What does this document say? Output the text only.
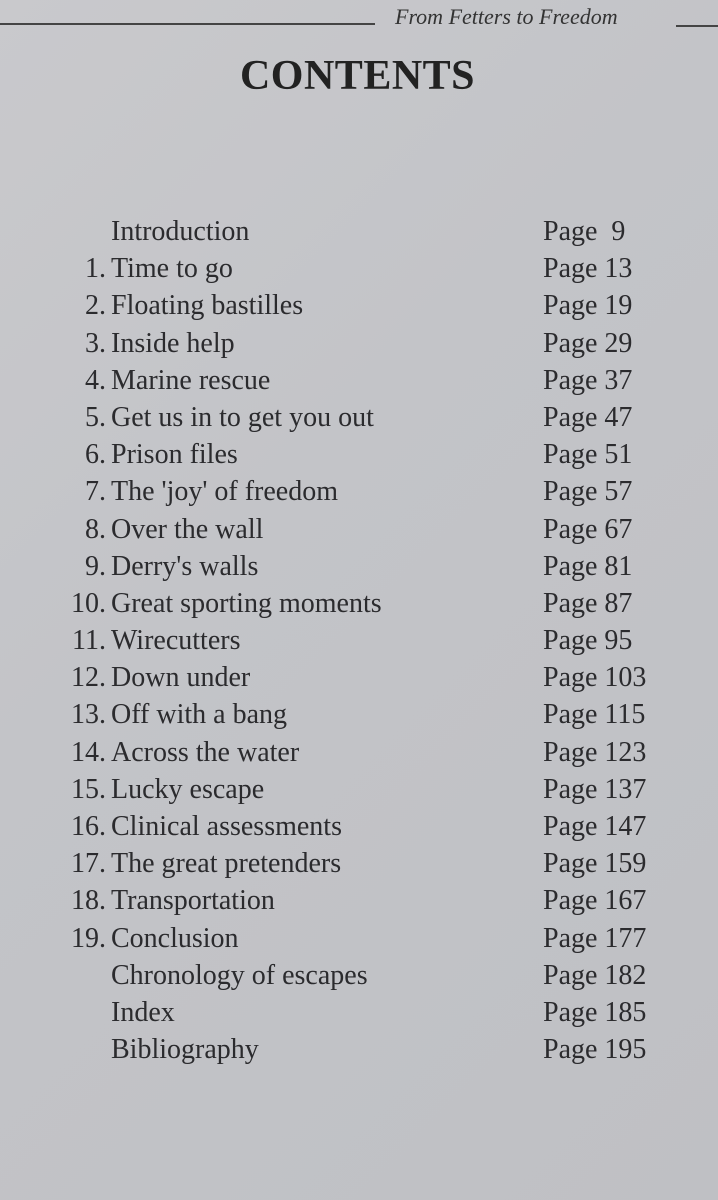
From Fetters to Freedom
CONTENTS
Introduction	Page  9
1. Time to go	Page 13
2. Floating bastilles	Page 19
3. Inside help	Page 29
4. Marine rescue	Page 37
5. Get us in to get you out	Page 47
6. Prison files	Page 51
7. The 'joy' of freedom	Page 57
8. Over the wall	Page 67
9. Derry's walls	Page 81
10. Great sporting moments	Page 87
11. Wirecutters	Page 95
12. Down under	Page 103
13. Off with a bang	Page 115
14. Across the water	Page 123
15. Lucky escape	Page 137
16. Clinical assessments	Page 147
17. The great pretenders	Page 159
18. Transportation	Page 167
19. Conclusion	Page 177
Chronology of escapes	Page 182
Index	Page 185
Bibliography	Page 195
